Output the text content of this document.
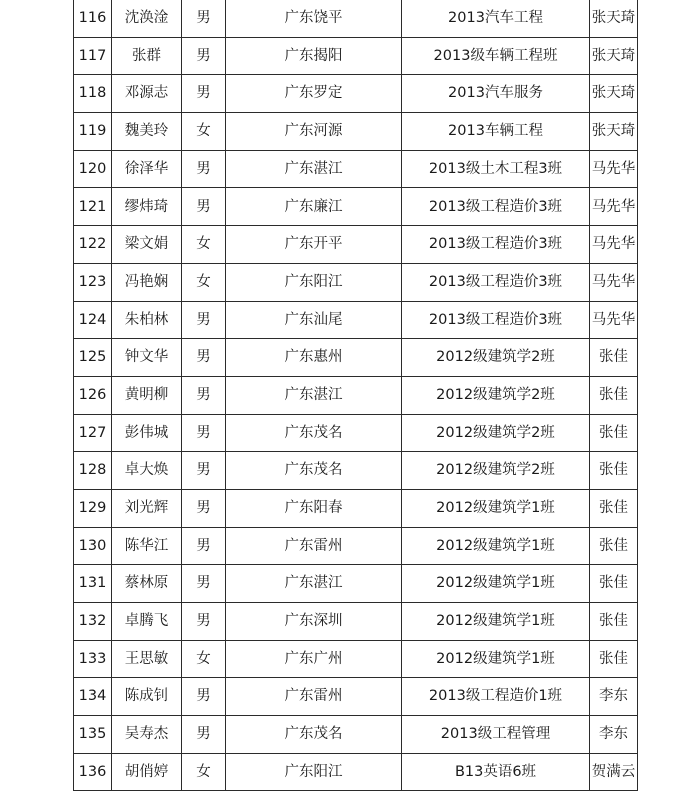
116	沈涣淦	男	广东饶平	2013汽车工程	张天琦
117	张群	男	广东揭阳	2013级车辆工程班	张天琦
118	邓源志	男	广东罗定	2013汽车服务	张天琦
119	魏美玲	女	广东河源	2013车辆工程	张天琦
120	徐泽华	男	广东湛江	2013级土木工程3班	马先华
121	缪炜琦	男	广东廉江	2013级工程造价3班	马先华
122	梁文娟	女	广东开平	2013级工程造价3班	马先华
123	冯艳娴	女	广东阳江	2013级工程造价3班	马先华
124	朱柏林	男	广东汕尾	2013级工程造价3班	马先华
125	钟文华	男	广东惠州	2012级建筑学2班	张佳
126	黄明柳	男	广东湛江	2012级建筑学2班	张佳
127	彭伟城	男	广东茂名	2012级建筑学2班	张佳
128	卓大焕	男	广东茂名	2012级建筑学2班	张佳
129	刘光辉	男	广东阳春	2012级建筑学1班	张佳
130	陈华江	男	广东雷州	2012级建筑学1班	张佳
131	蔡林原	男	广东湛江	2012级建筑学1班	张佳
132	卓腾飞	男	广东深圳	2012级建筑学1班	张佳
133	王思敏	女	广东广州	2012级建筑学1班	张佳
134	陈成钊	男	广东雷州	2013级工程造价1班	李东
135	吴寿杰	男	广东茂名	2013级工程管理	李东
136	胡俏婷	女	广东阳江	B13英语6班	贺满云
